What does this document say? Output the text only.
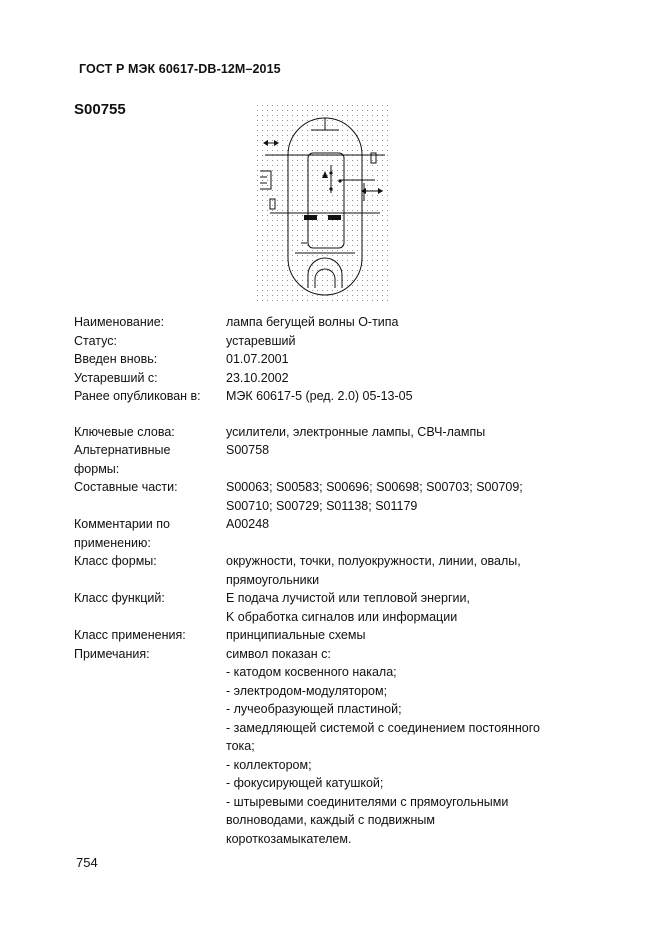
ГОСТ Р МЭК 60617-DB-12M–2015
S00755
Наименование:	лампа бегущей волны О-типа
Статус:	устаревший
Введен вновь:	01.07.2001
Устаревший с:	23.10.2002
Ранее опубликован в:	МЭК 60617-5 (ред. 2.0) 05-13-05
Ключевые слова:	усилители, электронные лампы, СВЧ-лампы
Альтернативные
формы:
S00758
Составные части:	S00063; S00583; S00696; S00698; S00703; S00709;
S00710; S00729; S01138; S01179
Комментарии по
применению:
A00248
Класс формы:	окружности, точки, полуокружности, линии, овалы,
прямоугольники
Класс функций:	E подача лучистой или тепловой энергии,
K обработка сигналов или информации
Класс применения:	принципиальные схемы
Примечания:	символ показан с:
- катодом косвенного накала;
- электродом-модулятором;
- лучеобразующей пластиной;
- замедляющей системой с соединением постоянного
тока;
- коллектором;
- фокусирующей катушкой;
- штыревыми соединителями с прямоугольными
волноводами, каждый с подвижным
короткозамыкателем.
754
